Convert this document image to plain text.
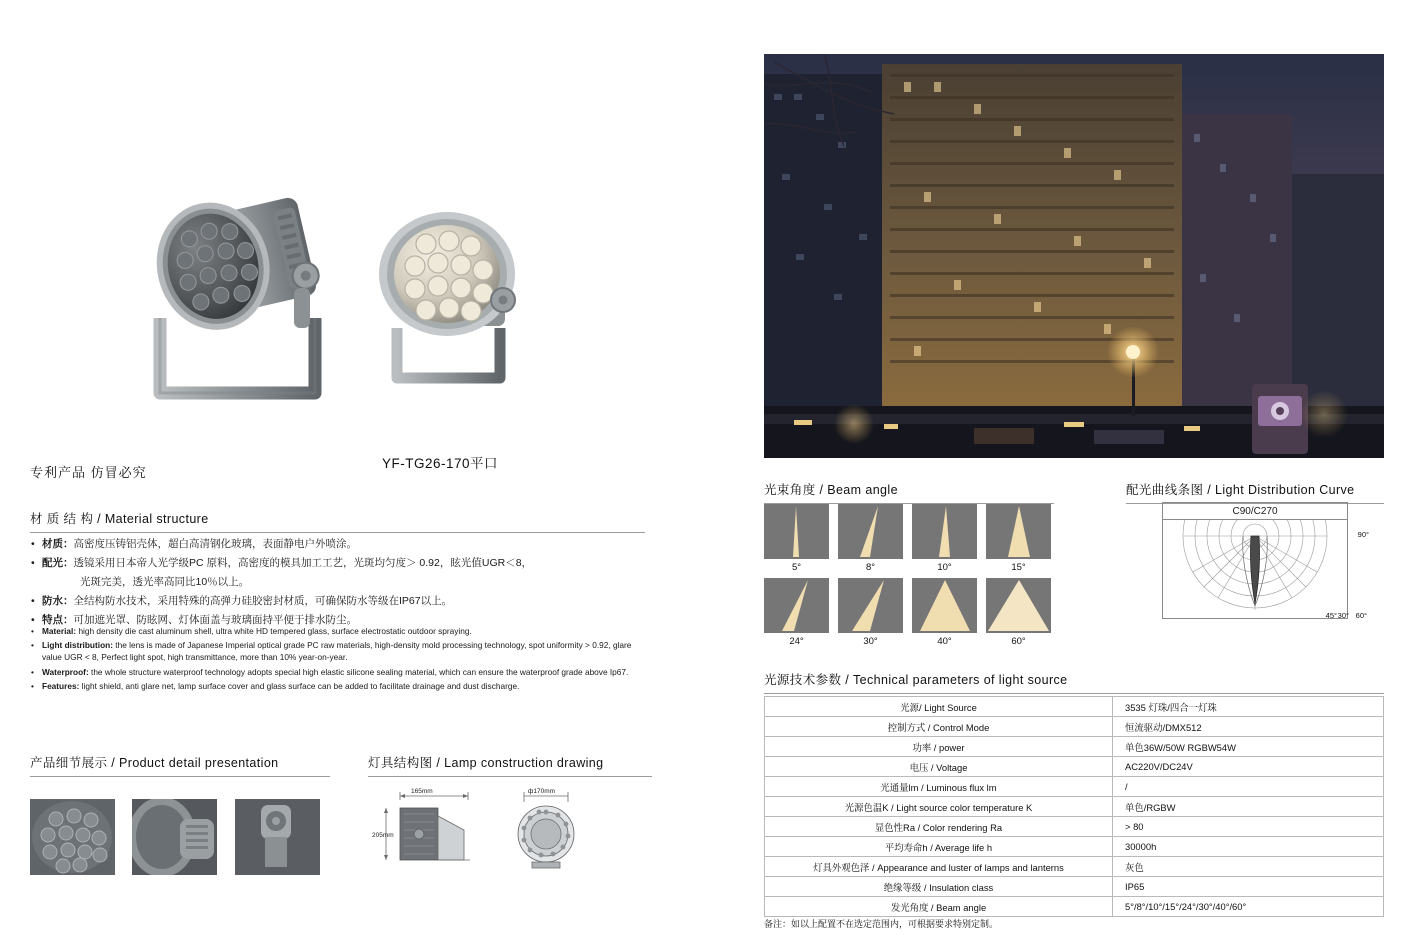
专利产品 仿冒必究
YF-TG26-170平口
材 质 结 构 / Material structure
• 材质：高密度压铸铝壳体，超白高清钢化玻璃，表面静电户外喷涂。
• 配光：透镜采用日本帝人光学级PC 原料，高密度的模具加工工艺，光斑均匀度＞ 0.92，眩光值UGR＜8，
光斑完美，透光率高同比10％以上。
• 防水：全结构防水技术，采用特殊的高弹力硅胶密封材质，可确保防水等级在IP67以上。
• 特点：可加遮光罩、防眩网、灯体面盖与玻璃面持平便于排水防尘。
• Material: high density die cast aluminum shell, ultra white HD tempered glass, surface electrostatic outdoor spraying.
• Light distribution: the lens is made of Japanese Imperial optical grade PC raw materials, high-density mold processing technology, spot uniformity > 0.92, glare value UGR < 8, Perfect light spot, high transmittance, more than 10% year-on-year.
• Waterproof: the whole structure waterproof technology adopts special high elastic silicone sealing material, which can ensure the waterproof grade above Ip67.
• Features: light shield, anti glare net, lamp surface cover and glass surface can be added to facilitate drainage and dust discharge.
产品细节展示 / Product detail presentation	灯具结构图 / Lamp construction drawing
165mm
205mm
ф170mm
光束角度 / Beam angle	配光曲线条图 / Light Distribution Curve
5°	8°	10°	15°
24°	30°	40°	60°
C90/C270
90°
60°
45° 30°
光源技术参数 / Technical parameters of light source
光源/ Light Source	3535 灯珠/四合一灯珠
控制方式 / Control Mode	恒流驱动/DMX512
功率 / power	单色36W/50W RGBW54W
电压 / Voltage	AC220V/DC24V
光通量lm / Luminous flux lm	/
光源色温K / Light source color temperature K	单色/RGBW
显色性Ra / Color rendering Ra	> 80
平均寿命h / Average life h	30000h
灯具外观色泽 / Appearance and luster of lamps and lanterns	灰色
绝缘等级 / Insulation class	IP65
发光角度 / Beam angle	5°/8°/10°/15°/24°/30°/40°/60°
备注：如以上配置不在选定范围内，可根据要求特别定制。
